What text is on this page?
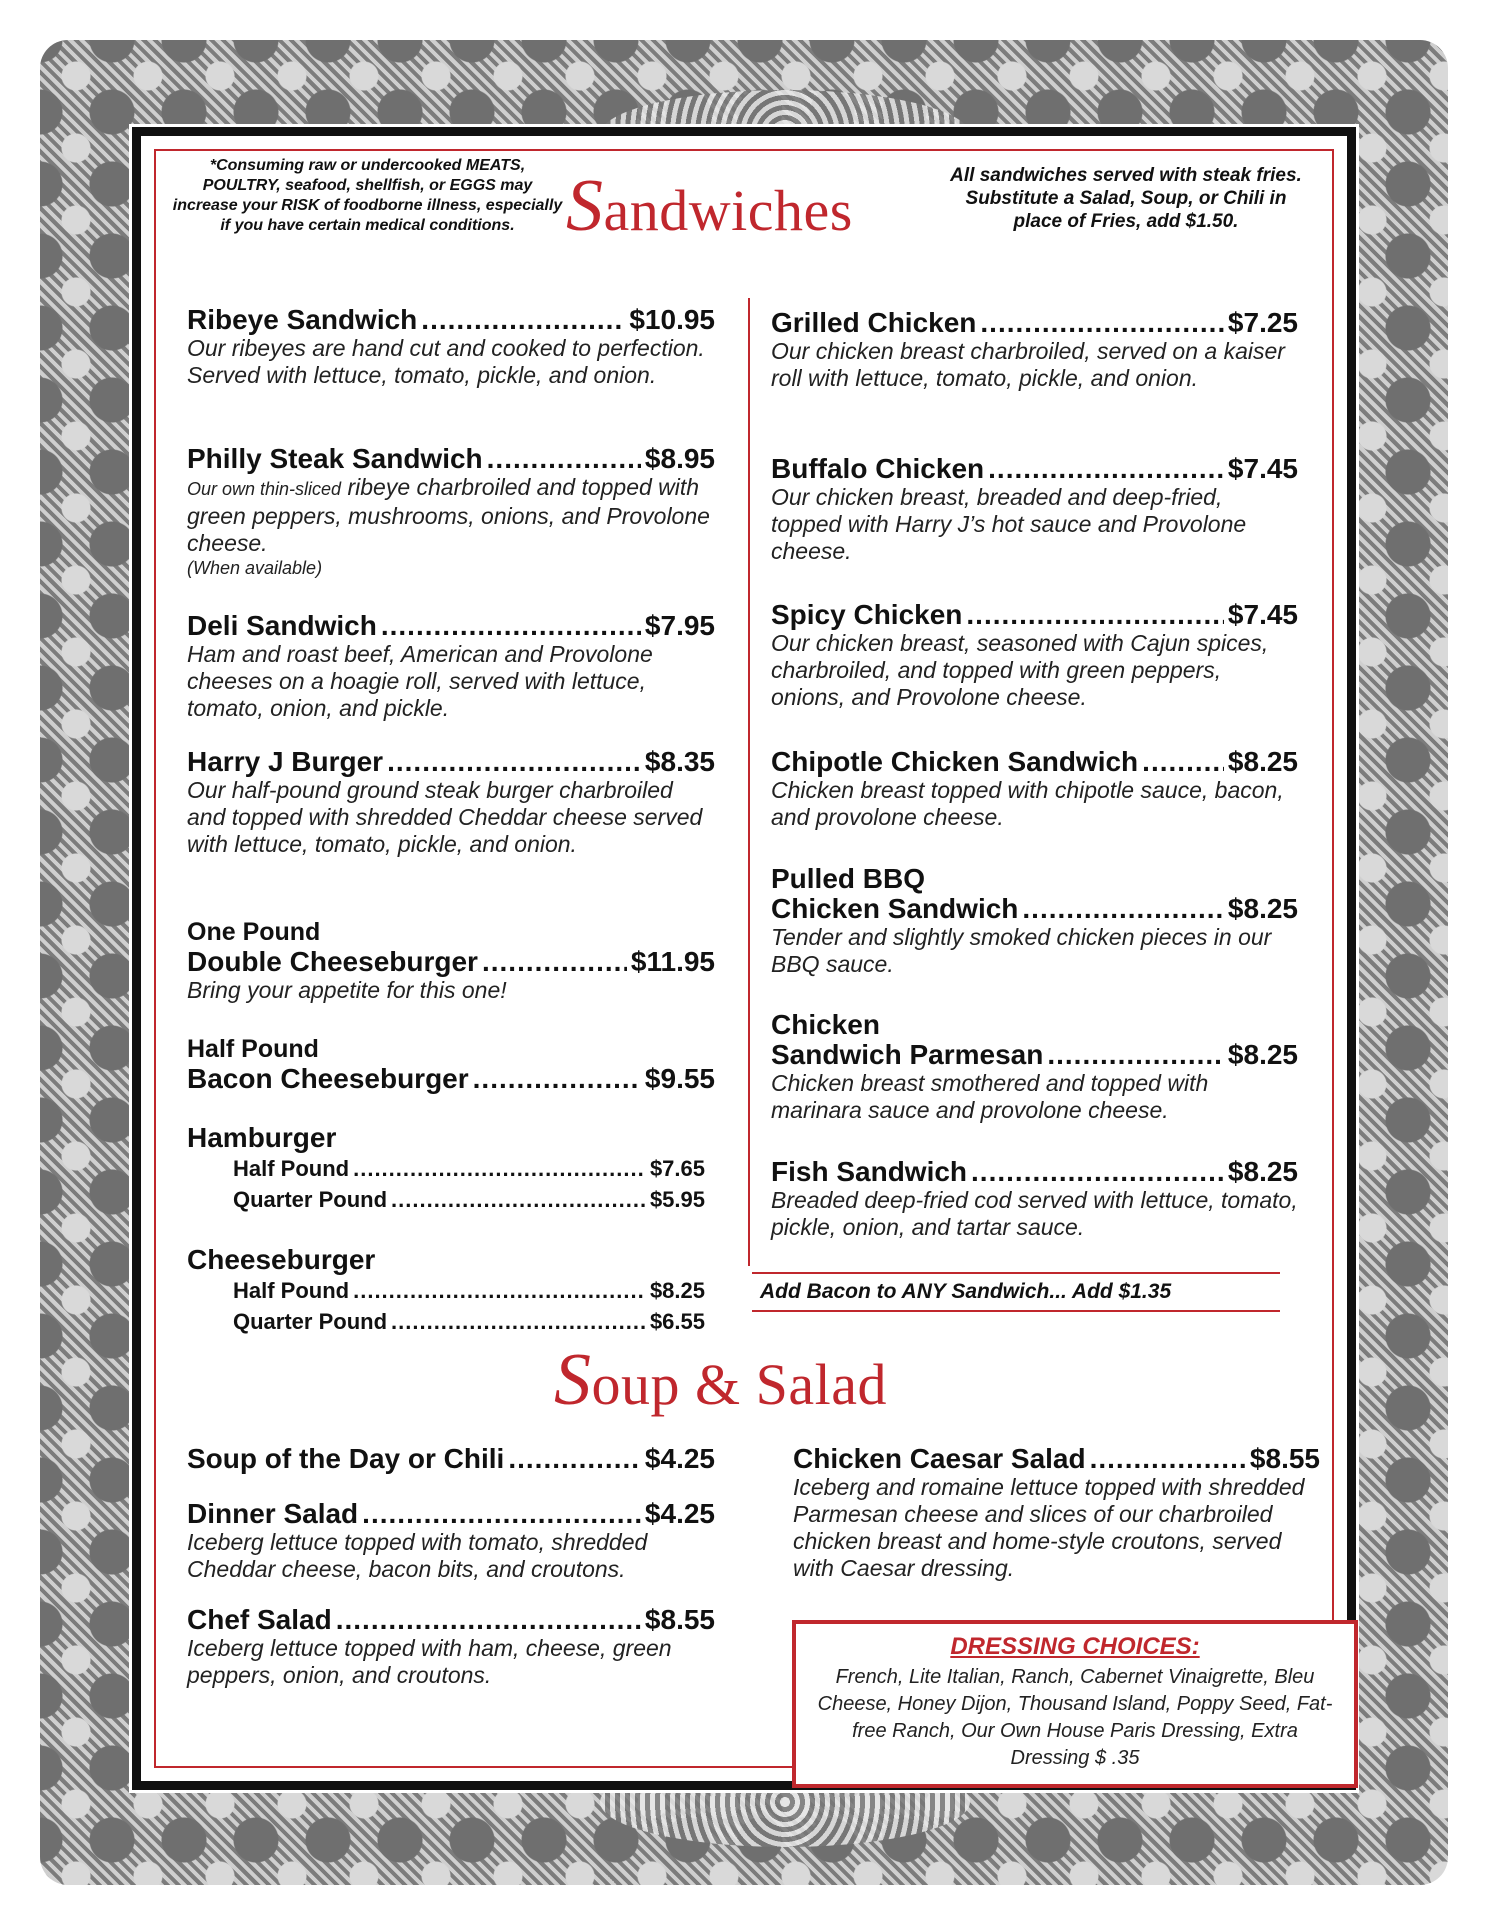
*Consuming raw or undercooked MEATS, POULTRY, seafood, shellfish, or EGGS may increase your RISK of foodborne illness, especially if you have certain medical conditions. Sandwiches
All sandwiches served with steak fries. Substitute a Salad, Soup, or Chili in place of Fries, add $1.50.
Ribeye Sandwich .....	$10.95
Our ribeyes are hand cut and cooked to perfection. Served with lettuce, tomato, pickle, and onion.
Philly Steak Sandwich .....	$8.95
Our own thin-sliced ribeye charbroiled and topped with green peppers, mushrooms, onions, and Provolone cheese.
(When available)
Deli Sandwich .....	$7.95
Ham and roast beef, American and Provolone cheeses on a hoagie roll, served with lettuce, tomato, onion, and pickle.
Harry J Burger .....	$8.35
Our half-pound ground steak burger charbroiled and topped with shredded Cheddar cheese served with lettuce, tomato, pickle, and onion.
One Pound
Double Cheeseburger .....	$11.95
Bring your appetite for this one!
Half Pound
Bacon Cheeseburger .....	$9.55
Hamburger
Half Pound .....	$7.65
Quarter Pound .....	$5.95
Cheeseburger
Half Pound .....	$8.25
Quarter Pound .....	$6.55
Grilled Chicken .....	$7.25
Our chicken breast charbroiled, served on a kaiser roll with lettuce, tomato, pickle, and onion.
Buffalo Chicken .....	$7.45
Our chicken breast, breaded and deep-fried, topped with Harry J’s hot sauce and Provolone cheese.
Spicy Chicken .....	$7.45
Our chicken breast, seasoned with Cajun spices, charbroiled, and topped with green peppers, onions, and Provolone cheese.
Chipotle Chicken Sandwich .....	$8.25
Chicken breast topped with chipotle sauce, bacon, and provolone cheese.
Pulled BBQ
Chicken Sandwich .....	$8.25
Tender and slightly smoked chicken pieces in our BBQ sauce.
Chicken
Sandwich Parmesan .....	$8.25
Chicken breast smothered and topped with marinara sauce and provolone cheese.
Fish Sandwich .....	$8.25
Breaded deep-fried cod served with lettuce, tomato, pickle, onion, and tartar sauce.
Add Bacon to ANY Sandwich... Add $1.35
Soup & Salad
Soup of the Day or Chili .....	$4.25
Dinner Salad .....	$4.25
Iceberg lettuce topped with tomato, shredded Cheddar cheese, bacon bits, and croutons.
Chef Salad .....	$8.55
Iceberg lettuce topped with ham, cheese, green peppers, onion, and croutons.
Chicken Caesar Salad .....	$8.55
Iceberg and romaine lettuce topped with shredded Parmesan cheese and slices of our charbroiled chicken breast and home-style croutons, served with Caesar dressing.
DRESSING CHOICES:
French, Lite Italian, Ranch, Cabernet Vinaigrette, Bleu Cheese, Honey Dijon, Thousand Island, Poppy Seed, Fat-free Ranch, Our Own House Paris Dressing, Extra Dressing $ .35
